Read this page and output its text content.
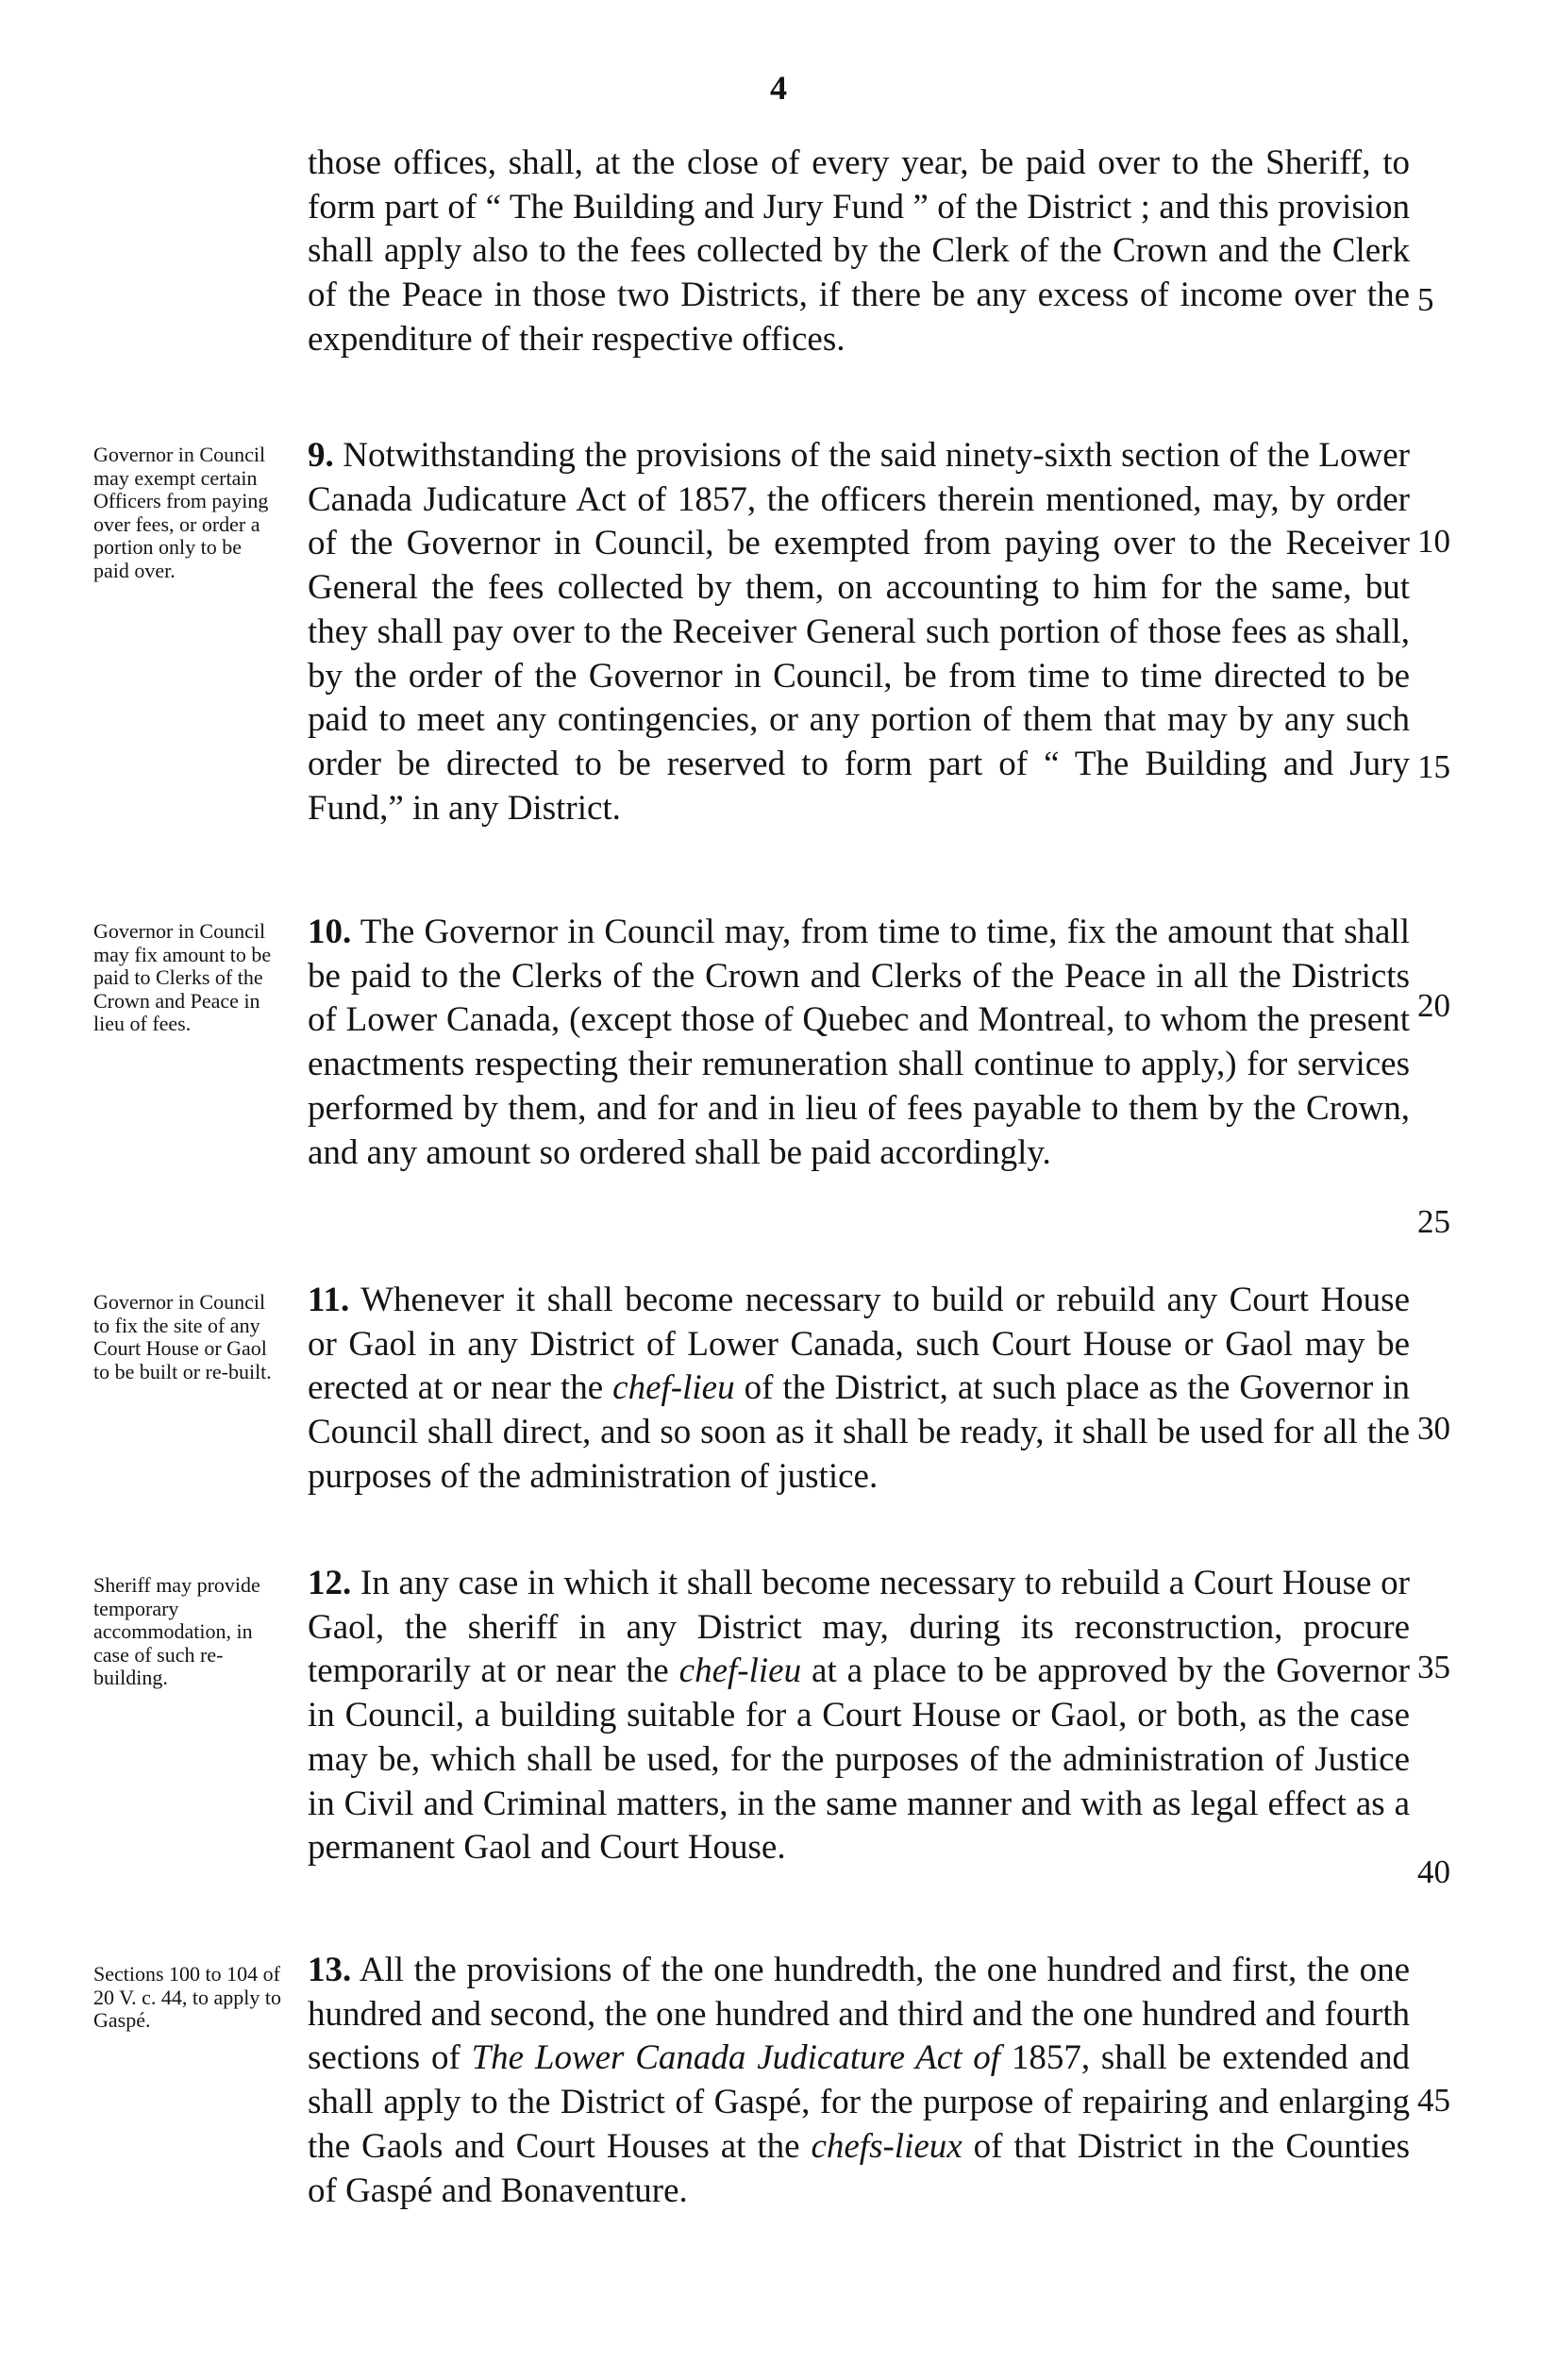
4

those offices, shall, at the close of every year, be paid over to the Sheriff, to form part of “ The Building and Jury Fund ” of the District ; and this provision shall apply also to the fees collected by the Clerk of the Crown and the Clerk of the Peace in those two Districts, if there be any excess of income over the expenditure of their respective offices.

9. Notwithstanding the provisions of the said ninety-sixth section of the Lower Canada Judicature Act of 1857, the officers therein mentioned, may, by order of the Governor in Council, be exempted from paying over to the Receiver General the fees collected by them, on accounting to him for the same, but they shall pay over to the Receiver General such portion of those fees as shall, by the order of the Governor in Council, be from time to time directed to be paid to meet any contingencies, or any portion of them that may by any such order be directed to be reserved to form part of “ The Building and Jury Fund,” in any District.

Governor in Council may exempt certain Officers from paying over fees, or order a portion only to be paid over.

10. The Governor in Council may, from time to time, fix the amount that shall be paid to the Clerks of the Crown and Clerks of the Peace in all the Districts of Lower Canada, (except those of Quebec and Montreal, to whom the present enactments respecting their remuneration shall continue to apply,) for services performed by them, and for and in lieu of fees payable to them by the Crown, and any amount so ordered shall be paid accordingly.

Governor in Council may fix amount to be paid to Clerks of the Crown and Peace in lieu of fees.

11. Whenever it shall become necessary to build or rebuild any Court House or Gaol in any District of Lower Canada, such Court House or Gaol may be erected at or near the chef-lieu of the District, at such place as the Governor in Council shall direct, and so soon as it shall be ready, it shall be used for all the purposes of the administration of justice.

Governor in Council to fix the site of any Court House or Gaol to be built or re-built.

12. In any case in which it shall become necessary to rebuild a Court House or Gaol, the sheriff in any District may, during its reconstruction, procure temporarily at or near the chef-lieu at a place to be approved by the Governor in Council, a building suitable for a Court House or Gaol, or both, as the case may be, which shall be used, for the purposes of the administration of Justice in Civil and Criminal matters, in the same manner and with as legal effect as a permanent Gaol and Court House.

Sheriff may provide temporary accommodation, in case of such re-building.

13. All the provisions of the one hundredth, the one hundred and first, the one hundred and second, the one hundred and third and the one hundred and fourth sections of The Lower Canada Judicature Act of 1857, shall be extended and shall apply to the District of Gaspé, for the purpose of repairing and enlarging the Gaols and Court Houses at the chefs-lieux of that District in the Counties of Gaspé and Bonaventure.

Sections 100 to 104 of 20 V. c. 44, to apply to Gaspé.

5
10
15
20
25
30
35
40
45
